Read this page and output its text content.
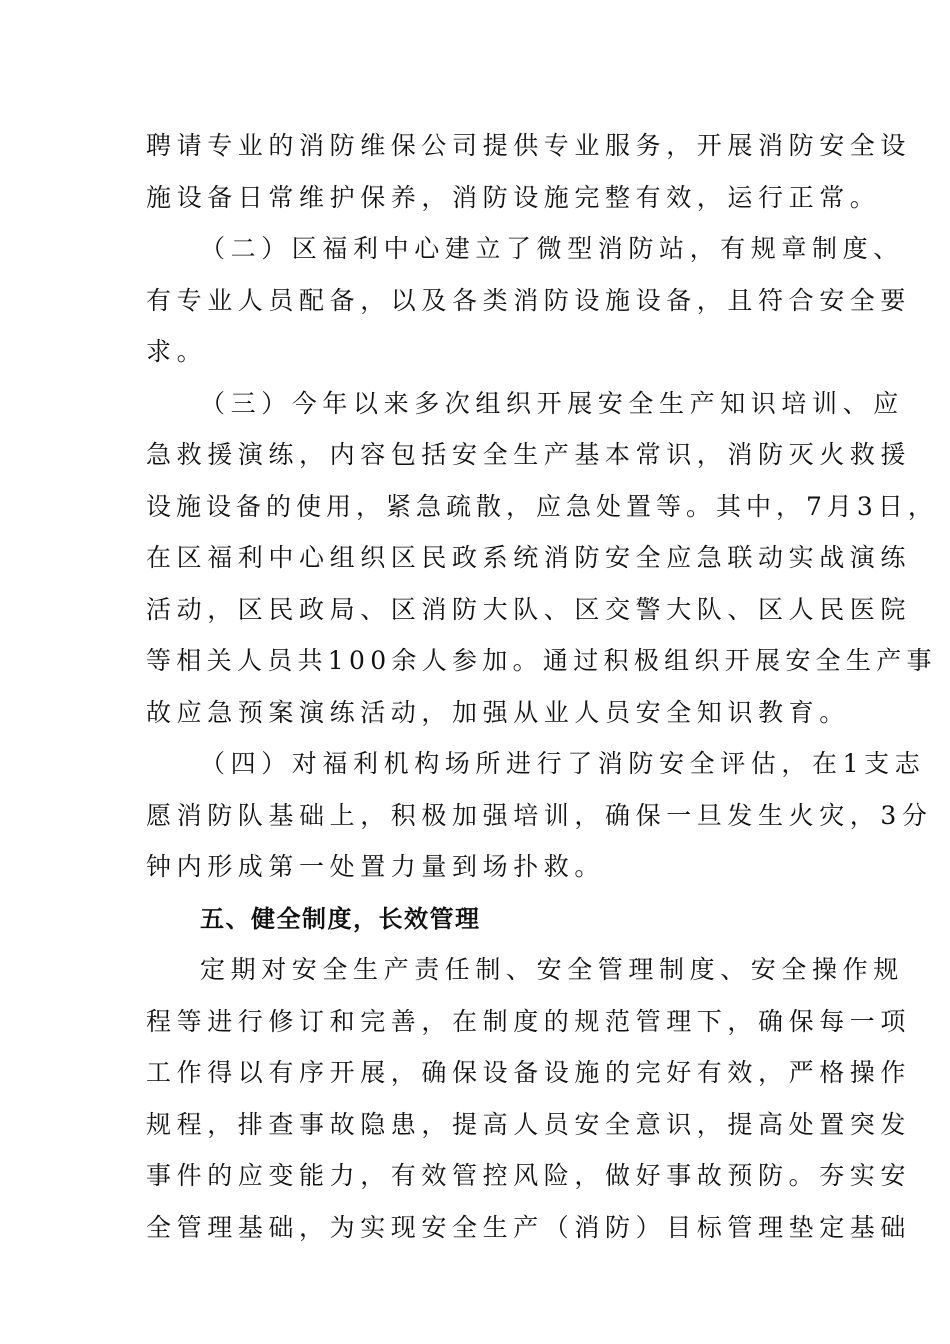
聘请专业的消防维保公司提供专业服务，开展消防安全设
施设备日常维护保养，消防设施完整有效，运行正常。
（二）区福利中心建立了微型消防站，有规章制度、
有专业人员配备，以及各类消防设施设备，且符合安全要
求。
（三）今年以来多次组织开展安全生产知识培训、应
急救援演练，内容包括安全生产基本常识，消防灭火救援
设施设备的使用，紧急疏散，应急处置等。其中，7月3日，
在区福利中心组织区民政系统消防安全应急联动实战演练
活动，区民政局、区消防大队、区交警大队、区人民医院
等相关人员共100余人参加。通过积极组织开展安全生产事
故应急预案演练活动，加强从业人员安全知识教育。
（四）对福利机构场所进行了消防安全评估，在1支志
愿消防队基础上，积极加强培训，确保一旦发生火灾，3分
钟内形成第一处置力量到场扑救。
五、健全制度，长效管理
定期对安全生产责任制、安全管理制度、安全操作规
程等进行修订和完善，在制度的规范管理下，确保每一项
工作得以有序开展，确保设备设施的完好有效，严格操作
规程，排查事故隐患，提高人员安全意识，提高处置突发
事件的应变能力，有效管控风险，做好事故预防。夯实安
全管理基础，为实现安全生产（消防）目标管理垫定基础
